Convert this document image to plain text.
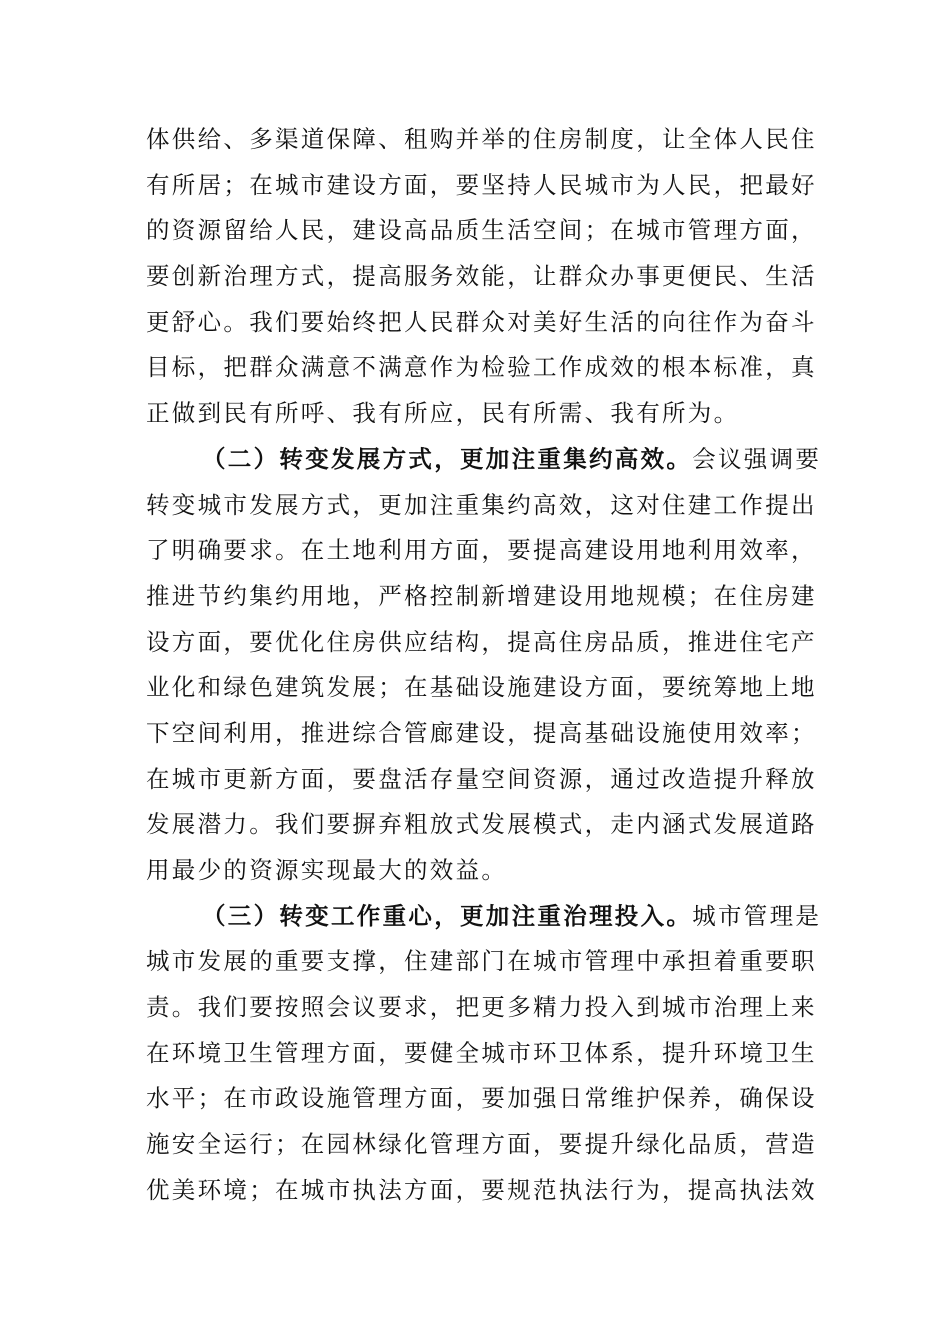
体供给、多渠道保障、租购并举的住房制度，让全体人民住
有所居；在城市建设方面，要坚持人民城市为人民，把最好
的资源留给人民，建设高品质生活空间；在城市管理方面，
要创新治理方式，提高服务效能，让群众办事更便民、生活
更舒心。我们要始终把人民群众对美好生活的向往作为奋斗
目标，把群众满意不满意作为检验工作成效的根本标准，真
正做到民有所呼、我有所应，民有所需、我有所为。
（二）转变发展方式，更加注重集约高效。会议强调要
转变城市发展方式，更加注重集约高效，这对住建工作提出
了明确要求。在土地利用方面，要提高建设用地利用效率，
推进节约集约用地，严格控制新增建设用地规模；在住房建
设方面，要优化住房供应结构，提高住房品质，推进住宅产
业化和绿色建筑发展；在基础设施建设方面，要统筹地上地
下空间利用，推进综合管廊建设，提高基础设施使用效率；
在城市更新方面，要盘活存量空间资源，通过改造提升释放
发展潜力。我们要摒弃粗放式发展模式，走内涵式发展道路
用最少的资源实现最大的效益。
（三）转变工作重心，更加注重治理投入。城市管理是
城市发展的重要支撑，住建部门在城市管理中承担着重要职
责。我们要按照会议要求，把更多精力投入到城市治理上来
在环境卫生管理方面，要健全城市环卫体系，提升环境卫生
水平；在市政设施管理方面，要加强日常维护保养，确保设
施安全运行；在园林绿化管理方面，要提升绿化品质，营造
优美环境；在城市执法方面，要规范执法行为，提高执法效
